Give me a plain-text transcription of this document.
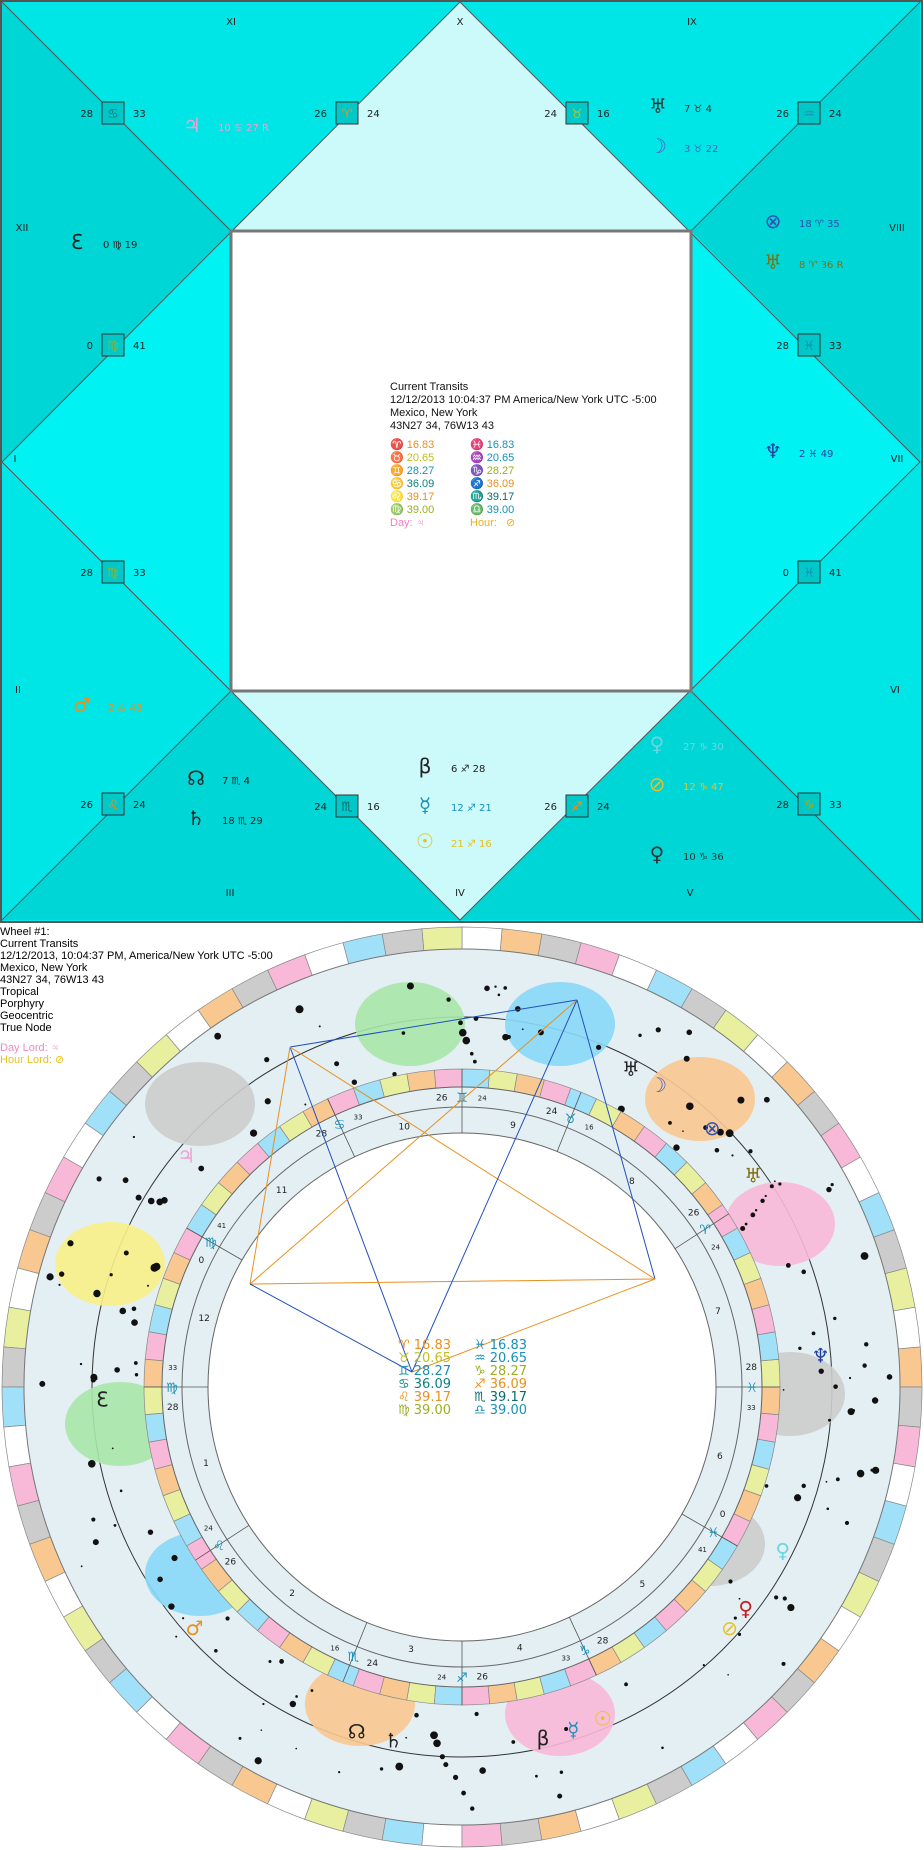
I
II
III	IV	V
VI
VII
VIII
IX
X
XI
XII
♋
28	33
♌
26	24	♏
24	16	♐
26	24
♍
0	41	♓
28	33
♍
28	33	♓
0	41
♈
26	24	♉
24	16	♒
26	24
♑
28	33
♃ 10 ♋ 27 R
♅ 7 ♉ 4
☽ 3 ♉ 22
Ɛ 0 ♍ 19
⊗ 18 ♈ 35
♅ 8 ♈ 36 R
♆ 2 ♓ 49
♂ 2 ♎ 43
☊ 7 ♏ 4
♄ 18 ♏ 29
β 6 ♐ 28
☿ 12 ♐ 21
☉ 21 ♐ 16
♀ 27 ♑ 30
⊘ 12 ♑ 47
♀ 10 ♑ 36
Current Transits
12/12/2013 10:04:37 PM America/New York UTC -5:00
Mexico, New York
43N27 34, 76W13 43
♈ 16.83	♓ 16.83
♉ 20.65	♒ 20.65
♊ 28.27	♑ 28.27
♋ 36.09	♐ 36.09
♌ 39.17	♏ 39.17
♍ 39.00	♎ 39.00
Day: ♃	Hour: ⊘
Wheel #1:
Current Transits
12/12/2013, 10:04:37 PM, America/New York UTC -5:00
Mexico, New York
43N27 34, 76W13 43
Tropical
Porphyry
Geocentric
True Node
Day Lord: ♃
Hour Lord: ⊘
1
♍
28
33
2
♌
26
24
3
♏ 24
16	4
♐ 26
24
5
♑
28
33
6
♓
0
41
7
♓
28
33
8
♈
26
24
9	♉
24
16
10
♊
26	24
11
♋
28
33
12
♍
0
41
♈ 16.83 ♓ 16.83
♉ 20.65 ♒ 20.65
♊ 28.27 ♑ 28.27
♋ 36.09 ♐ 36.09
♌ 39.17 ♏ 39.17
♍ 39.00 ♎ 39.00
♃
♅
☽
⊗
♅
♆
♀
⊘
♀
☉
☿
β
♄
☊
♂
Ɛ
